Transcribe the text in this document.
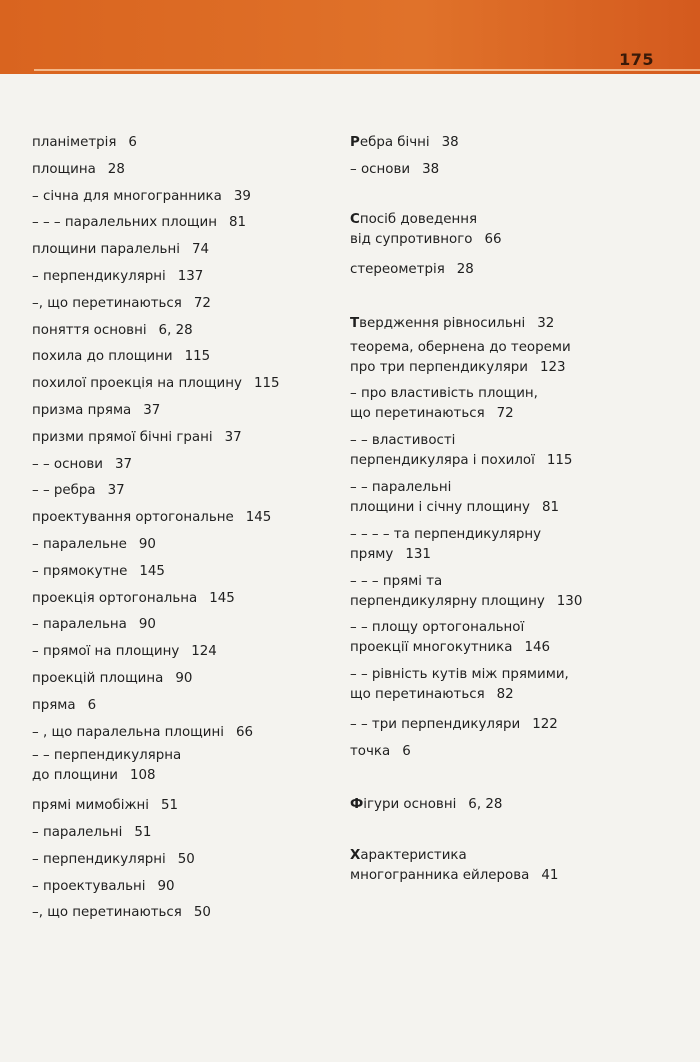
175
планіметрія 6
площина 28
– січна для многогранника 39
– – – паралельних площин 81
площини паралельні 74
– перпендикулярні 137
–, що перетинаються 72
поняття основні 6, 28
похила до площини 115
похилої проекція на площину 115
призма пряма 37
призми прямої бічні грані 37
– – основи 37
– – ребра 37
проектування ортогональне 145
– паралельне 90
– прямокутне 145
проекція ортогональна 145
– паралельна 90
– прямої на площину 124
проекцій площина 90
пряма 6
– , що паралельна площині 66
– – перпендикулярна
до площини 108
прямі мимобіжні 51
– паралельні 51
– перпендикулярні 50
– проектувальні 90
–, що перетинаються 50
Ребра бічні 38
– основи 38
Спосіб доведення
від супротивного 66
стереометрія 28
Твердження рівносильні 32
теорема, обернена до теореми
про три перпендикуляри 123
– про властивість площин,
що перетинаються 72
– – властивості
перпендикуляра і похилої 115
– – паралельні
площини і січну площину 81
– – – – та перпендикулярну
пряму 131
– – – прямі та
перпендикулярну площину 130
– – площу ортогональної
проекції многокутника 146
– – рівність кутів між прямими,
що перетинаються 82
– – три перпендикуляри 122
точка 6
Фігури основні 6, 28
Характеристика
многогранника ейлерова 41
